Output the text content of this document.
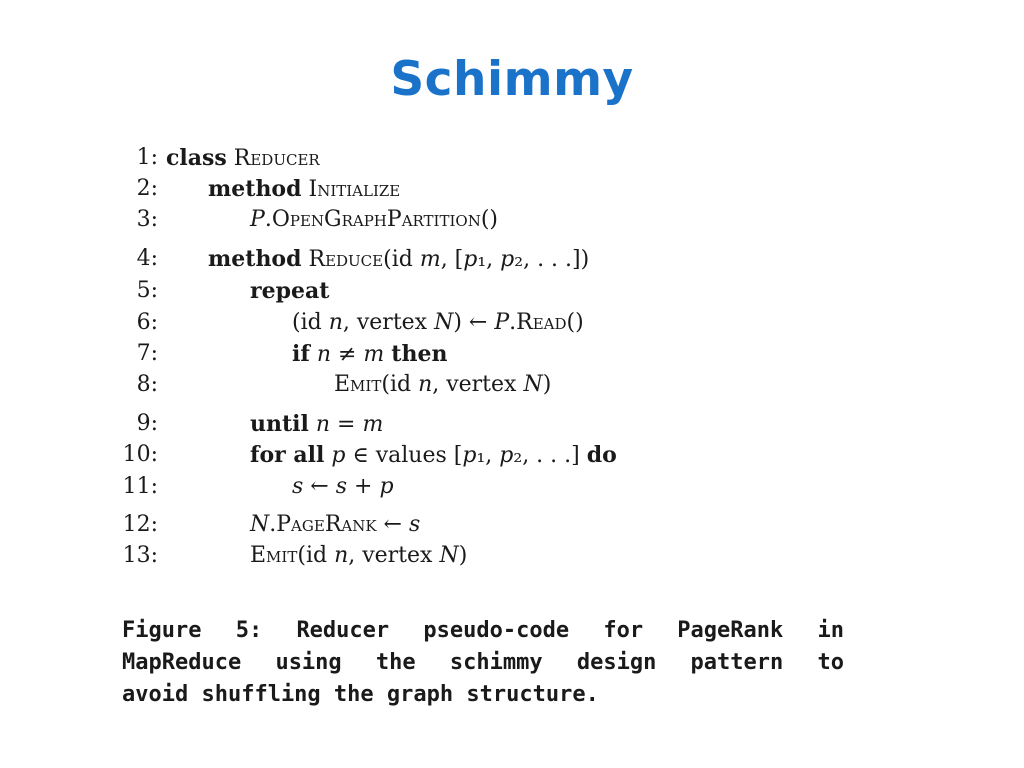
Schimmy
1: class Reducer
2: method Initialize
3:	P.OpenGraphPartition()
4: method Reduce(id m, [p₁, p₂, . . .])
5:	repeat
6:	(id n, vertex N) ← P.Read()
7:	if n ≠ m then
8:	Emit(id n, vertex N)
9:	until n = m
10:	for all p ∈ values [p₁, p₂, . . .] do
11:	s ← s + p
12:	N.PageRank ← s
13:	Emit(id n, vertex N)
Figure 5: Reducer pseudo-code for PageRank in
MapReduce using the schimmy design pattern to
avoid shuffling the graph structure.
